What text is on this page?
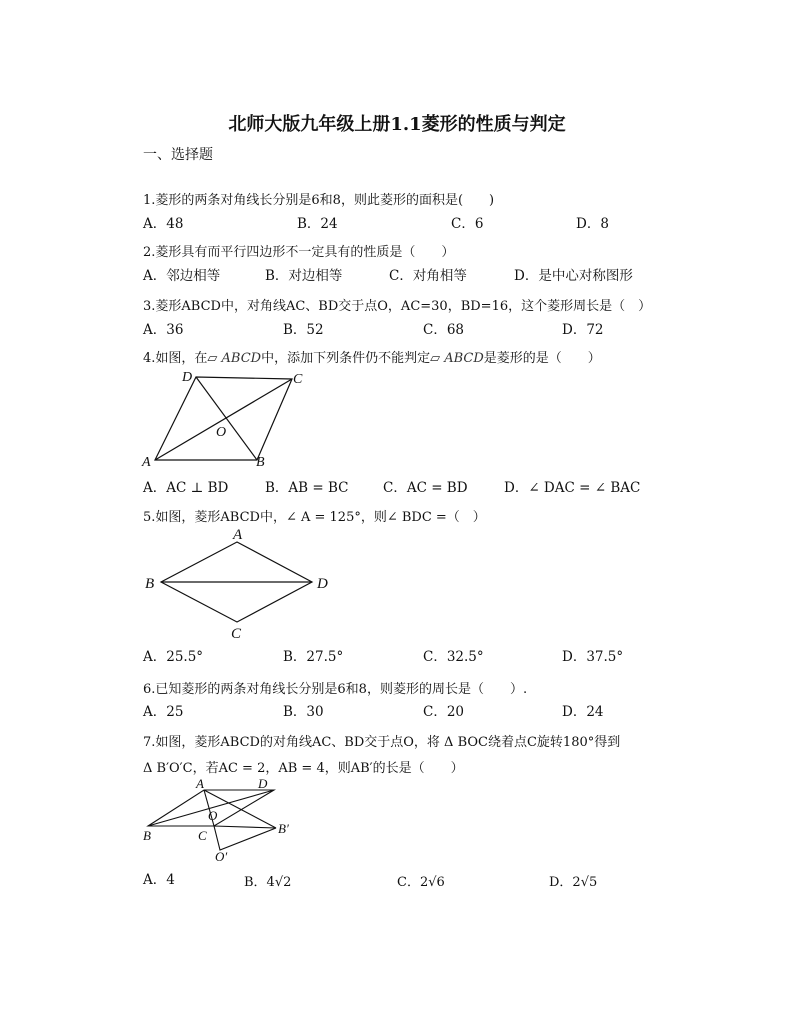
北师大版九年级上册1.1菱形的性质与判定
一、选择题
1.菱形的两条对角线长分别是6和8，则此菱形的面积是(　　)
A．48	B．24	C．6	D．8
2.菱形具有而平行四边形不一定具有的性质是（　　）
A．邻边相等	B．对边相等	C．对角相等	D．是中心对称图形
3.菱形ABCD中，对角线AC、BD交于点O，AC=30，BD=16，这个菱形周长是（　）
A．36	B．52	C．68	D．72
4.如图，在▱ ABCD中，添加下列条件仍不能判定▱ ABCD是菱形的是（　　）
D	C
O
A	B
A．AC ⊥ BD	B．AB = BC	C．AC = BD	D．∠ DAC = ∠ BAC
5.如图，菱形ABCD中，∠ A = 125°，则∠ BDC =（　）
A
B	D
C
A．25.5°	B．27.5°	C．32.5°	D．37.5°
6.已知菱形的两条对角线长分别是6和8，则菱形的周长是（　　）.
A．25	B．30	C．20	D．24
7.如图，菱形ABCD的对角线AC、BD交于点O，将 Δ BOC绕着点C旋转180°得到
Δ B′O′C，若AC = 2，AB = 4，则AB′的长是（　　）
A	D
O
B	C	B′
O′
A．4	B．4√2	C．2√6	D．2√5
